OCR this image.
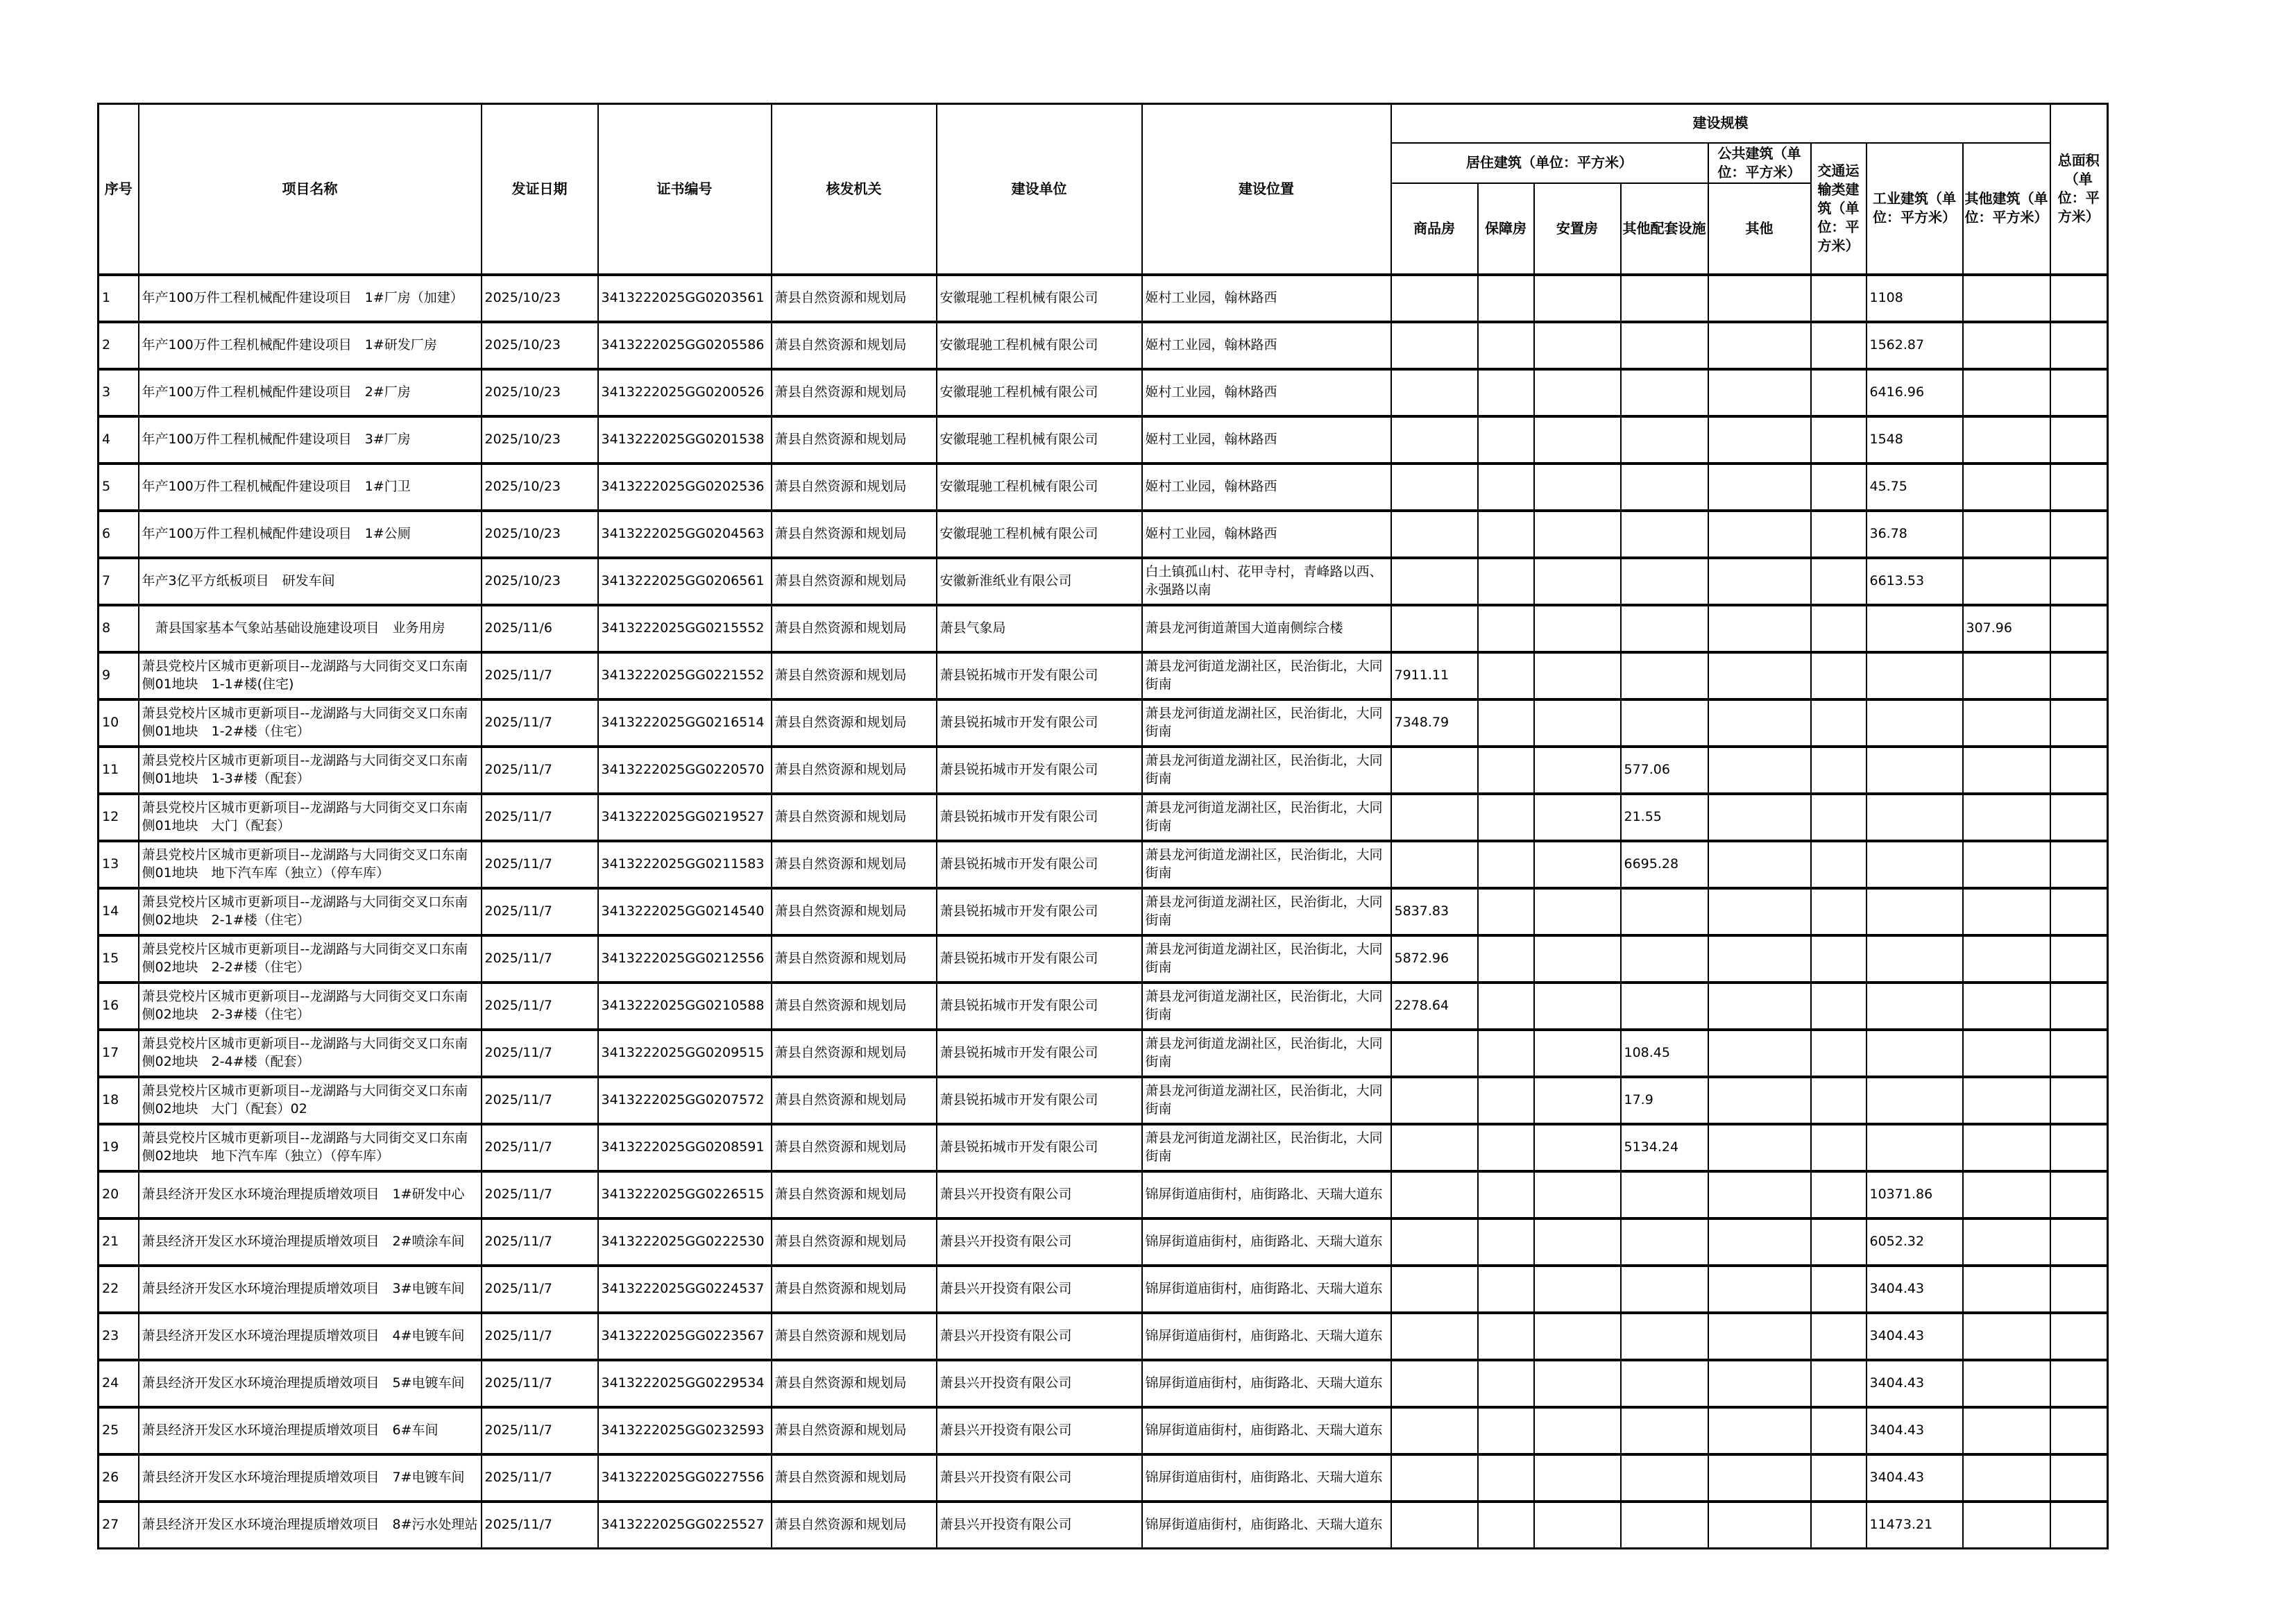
序号	项目名称	发证日期	证书编号	核发机关	建设单位	建设位置	建设规模								总面积（单位：平方米）
							居住建筑（单位：平方米）				公共建筑（单位：平方米）	交通运输类建筑（单位：平方米）	工业建筑（单位：平方米）	其他建筑（单位：平方米）	
							商品房	保障房	安置房	其他配套设施	其他				
1	年产100万件工程机械配件建设项目　1#厂房（加建）	2025/10/23	3413222025GG0203561	萧县自然资源和规划局	安徽琨驰工程机械有限公司	姬村工业园，翰林路西							1108		
2	年产100万件工程机械配件建设项目　1#研发厂房	2025/10/23	3413222025GG0205586	萧县自然资源和规划局	安徽琨驰工程机械有限公司	姬村工业园，翰林路西							1562.87		
3	年产100万件工程机械配件建设项目　2#厂房	2025/10/23	3413222025GG0200526	萧县自然资源和规划局	安徽琨驰工程机械有限公司	姬村工业园，翰林路西							6416.96		
4	年产100万件工程机械配件建设项目　3#厂房	2025/10/23	3413222025GG0201538	萧县自然资源和规划局	安徽琨驰工程机械有限公司	姬村工业园，翰林路西							1548		
5	年产100万件工程机械配件建设项目　1#门卫	2025/10/23	3413222025GG0202536	萧县自然资源和规划局	安徽琨驰工程机械有限公司	姬村工业园，翰林路西							45.75		
6	年产100万件工程机械配件建设项目　1#公厕	2025/10/23	3413222025GG0204563	萧县自然资源和规划局	安徽琨驰工程机械有限公司	姬村工业园，翰林路西							36.78		
7	年产3亿平方纸板项目　研发车间	2025/10/23	3413222025GG0206561	萧县自然资源和规划局	安徽新淮纸业有限公司	白土镇孤山村、花甲寺村，青峰路以西、永强路以南							6613.53		
8	　萧县国家基本气象站基础设施建设项目　业务用房	2025/11/6	3413222025GG0215552	萧县自然资源和规划局	萧县气象局	萧县龙河街道萧国大道南侧综合楼								307.96	
9	萧县党校片区城市更新项目--龙湖路与大同街交叉口东南侧01地块　1-1#楼(住宅)	2025/11/7	3413222025GG0221552	萧县自然资源和规划局	萧县锐拓城市开发有限公司	萧县龙河街道龙湖社区，民治街北，大同街南	7911.11								
10	萧县党校片区城市更新项目--龙湖路与大同街交叉口东南侧01地块　1-2#楼（住宅）	2025/11/7	3413222025GG0216514	萧县自然资源和规划局	萧县锐拓城市开发有限公司	萧县龙河街道龙湖社区，民治街北，大同街南	7348.79								
11	萧县党校片区城市更新项目--龙湖路与大同街交叉口东南侧01地块　1-3#楼（配套）	2025/11/7	3413222025GG0220570	萧县自然资源和规划局	萧县锐拓城市开发有限公司	萧县龙河街道龙湖社区，民治街北，大同街南				577.06					
12	萧县党校片区城市更新项目--龙湖路与大同街交叉口东南侧01地块　大门（配套）	2025/11/7	3413222025GG0219527	萧县自然资源和规划局	萧县锐拓城市开发有限公司	萧县龙河街道龙湖社区，民治街北，大同街南				21.55					
13	萧县党校片区城市更新项目--龙湖路与大同街交叉口东南侧01地块　地下汽车库（独立）（停车库）	2025/11/7	3413222025GG0211583	萧县自然资源和规划局	萧县锐拓城市开发有限公司	萧县龙河街道龙湖社区，民治街北，大同街南				6695.28					
14	萧县党校片区城市更新项目--龙湖路与大同街交叉口东南侧02地块　2-1#楼（住宅）	2025/11/7	3413222025GG0214540	萧县自然资源和规划局	萧县锐拓城市开发有限公司	萧县龙河街道龙湖社区，民治街北，大同街南	5837.83								
15	萧县党校片区城市更新项目--龙湖路与大同街交叉口东南侧02地块　2-2#楼（住宅）	2025/11/7	3413222025GG0212556	萧县自然资源和规划局	萧县锐拓城市开发有限公司	萧县龙河街道龙湖社区，民治街北，大同街南	5872.96								
16	萧县党校片区城市更新项目--龙湖路与大同街交叉口东南侧02地块　2-3#楼（住宅）	2025/11/7	3413222025GG0210588	萧县自然资源和规划局	萧县锐拓城市开发有限公司	萧县龙河街道龙湖社区，民治街北，大同街南	2278.64								
17	萧县党校片区城市更新项目--龙湖路与大同街交叉口东南侧02地块　2-4#楼（配套）	2025/11/7	3413222025GG0209515	萧县自然资源和规划局	萧县锐拓城市开发有限公司	萧县龙河街道龙湖社区，民治街北，大同街南				108.45					
18	萧县党校片区城市更新项目--龙湖路与大同街交叉口东南侧02地块　大门（配套）02	2025/11/7	3413222025GG0207572	萧县自然资源和规划局	萧县锐拓城市开发有限公司	萧县龙河街道龙湖社区，民治街北，大同街南				17.9					
19	萧县党校片区城市更新项目--龙湖路与大同街交叉口东南侧02地块　地下汽车库（独立）（停车库）	2025/11/7	3413222025GG0208591	萧县自然资源和规划局	萧县锐拓城市开发有限公司	萧县龙河街道龙湖社区，民治街北，大同街南				5134.24					
20	萧县经济开发区水环境治理提质增效项目　1#研发中心	2025/11/7	3413222025GG0226515	萧县自然资源和规划局	萧县兴开投资有限公司	锦屏街道庙街村，庙街路北、天瑞大道东							10371.86		
21	萧县经济开发区水环境治理提质增效项目　2#喷涂车间	2025/11/7	3413222025GG0222530	萧县自然资源和规划局	萧县兴开投资有限公司	锦屏街道庙街村，庙街路北、天瑞大道东							6052.32		
22	萧县经济开发区水环境治理提质增效项目　3#电镀车间	2025/11/7	3413222025GG0224537	萧县自然资源和规划局	萧县兴开投资有限公司	锦屏街道庙街村，庙街路北、天瑞大道东							3404.43		
23	萧县经济开发区水环境治理提质增效项目　4#电镀车间	2025/11/7	3413222025GG0223567	萧县自然资源和规划局	萧县兴开投资有限公司	锦屏街道庙街村，庙街路北、天瑞大道东							3404.43		
24	萧县经济开发区水环境治理提质增效项目　5#电镀车间	2025/11/7	3413222025GG0229534	萧县自然资源和规划局	萧县兴开投资有限公司	锦屏街道庙街村，庙街路北、天瑞大道东							3404.43		
25	萧县经济开发区水环境治理提质增效项目　6#车间	2025/11/7	3413222025GG0232593	萧县自然资源和规划局	萧县兴开投资有限公司	锦屏街道庙街村，庙街路北、天瑞大道东							3404.43		
26	萧县经济开发区水环境治理提质增效项目　7#电镀车间	2025/11/7	3413222025GG0227556	萧县自然资源和规划局	萧县兴开投资有限公司	锦屏街道庙街村，庙街路北、天瑞大道东							3404.43		
27	萧县经济开发区水环境治理提质增效项目　8#污水处理站	2025/11/7	3413222025GG0225527	萧县自然资源和规划局	萧县兴开投资有限公司	锦屏街道庙街村，庙街路北、天瑞大道东							11473.21		
